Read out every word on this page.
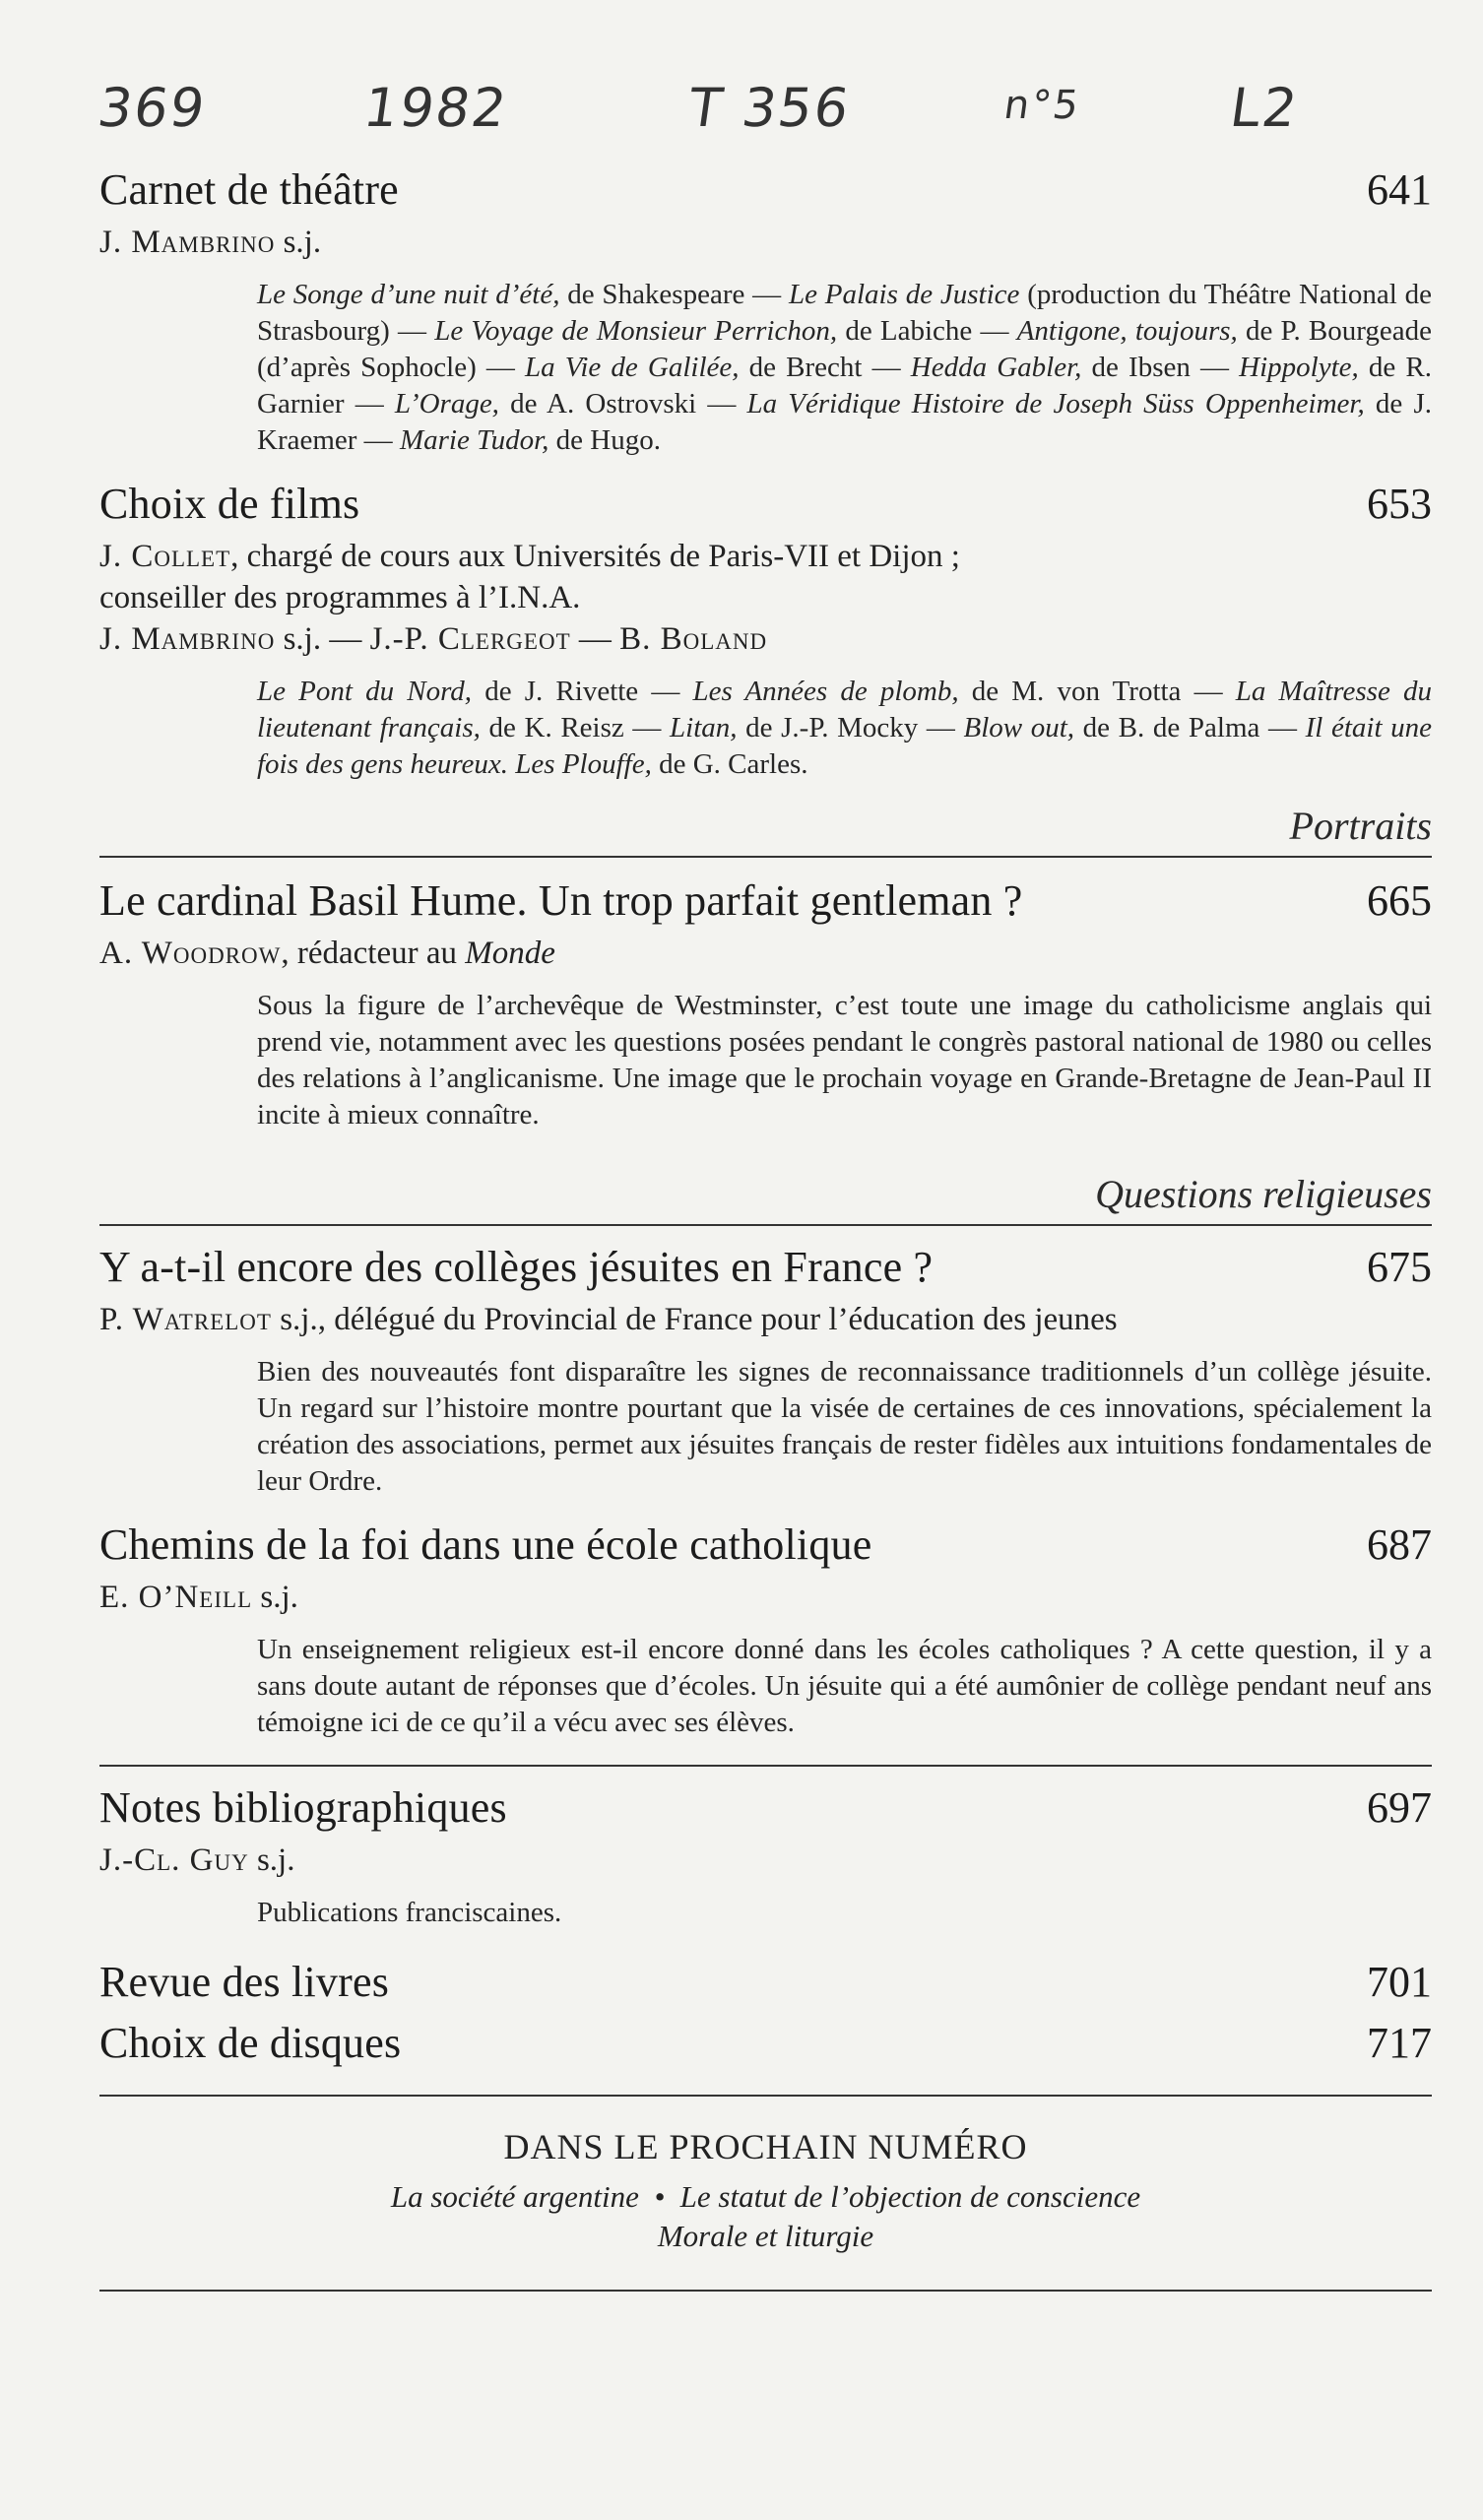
369	1982	T 356	n°5	L2
Carnet de théâtre	641
J. Mambrino s.j.
Le Songe d’une nuit d’été, de Shakespeare — Le Palais de Justice (production du Théâtre National de Strasbourg) — Le Voyage de Monsieur Perrichon, de Labiche — Antigone, toujours, de P. Bourgeade (d’après Sophocle) — La Vie de Galilée, de Brecht — Hedda Gabler, de Ibsen — Hippolyte, de R. Garnier — L’Orage, de A. Ostrovski — La Véridique Histoire de Joseph Süss Oppenheimer, de J. Kraemer — Marie Tudor, de Hugo.
Choix de films	653
J. Collet, chargé de cours aux Universités de Paris-VII et Dijon ;
conseiller des programmes à l’I.N.A.
J. Mambrino s.j. — J.-P. Clergeot — B. Boland
Le Pont du Nord, de J. Rivette — Les Années de plomb, de M. von Trotta — La Maîtresse du lieutenant français, de K. Reisz — Litan, de J.-P. Mocky — Blow out, de B. de Palma — Il était une fois des gens heureux. Les Plouffe, de G. Carles.
Portraits
Le cardinal Basil Hume. Un trop parfait gentleman ?	665
A. Woodrow, rédacteur au Monde
Sous la figure de l’archevêque de Westminster, c’est toute une image du catholicisme anglais qui prend vie, notamment avec les questions posées pendant le congrès pastoral national de 1980 ou celles des relations à l’anglicanisme. Une image que le prochain voyage en Grande-Bretagne de Jean-Paul II incite à mieux connaître.
Questions religieuses
Y a-t-il encore des collèges jésuites en France ?	675
P. Watrelot s.j., délégué du Provincial de France pour l’éducation des jeunes
Bien des nouveautés font disparaître les signes de reconnaissance traditionnels d’un collège jésuite. Un regard sur l’histoire montre pourtant que la visée de certaines de ces innovations, spécialement la création des associations, permet aux jésuites français de rester fidèles aux intuitions fondamentales de leur Ordre.
Chemins de la foi dans une école catholique	687
E. O’Neill s.j.
Un enseignement religieux est-il encore donné dans les écoles catholiques ? A cette question, il y a sans doute autant de réponses que d’écoles. Un jésuite qui a été aumônier de collège pendant neuf ans témoigne ici de ce qu’il a vécu avec ses élèves.
Notes bibliographiques	697
J.-Cl. Guy s.j.
Publications franciscaines.
Revue des livres	701
Choix de disques	717
DANS LE PROCHAIN NUMÉRO
La société argentine  •  Le statut de l’objection de conscience
Morale et liturgie
